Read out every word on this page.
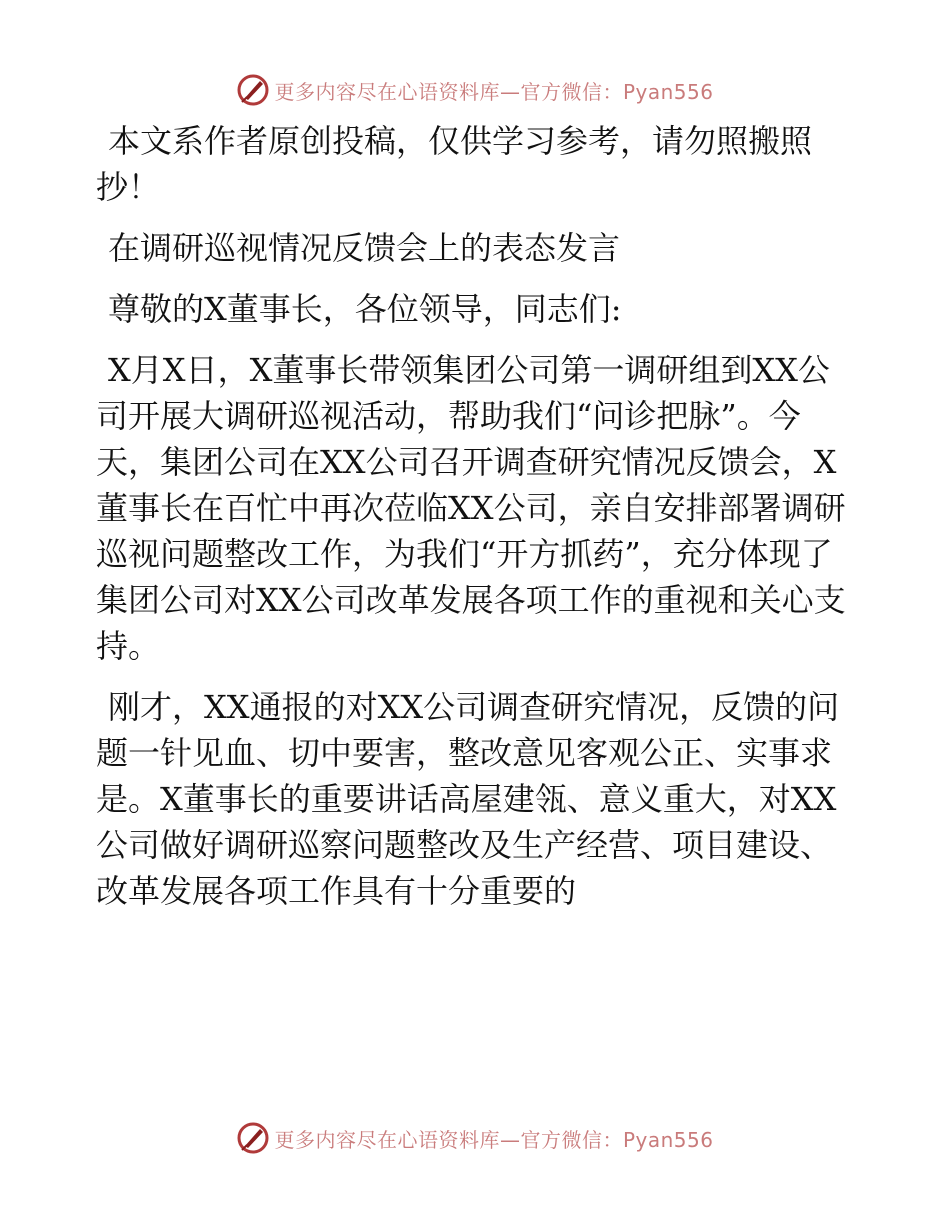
更多内容尽在心语资料库—官方微信：Pyan556

本文系作者原创投稿，仅供学习参考，请勿照搬照抄！

在调研巡视情况反馈会上的表态发言

尊敬的X董事长，各位领导，同志们:

X月X日，X董事长带领集团公司第一调研组到XX公司开展大调研巡视活动，帮助我们“问诊把脉”。今天，集团公司在XX公司召开调查研究情况反馈会，X董事长在百忙中再次莅临XX公司，亲自安排部署调研巡视问题整改工作，为我们“开方抓药”，充分体现了集团公司对XX公司改革发展各项工作的重视和关心支持。

刚才，XX通报的对XX公司调查研究情况，反馈的问题一针见血、切中要害，整改意见客观公正、实事求是。X董事长的重要讲话高屋建瓴、意义重大，对XX公司做好调研巡察问题整改及生产经营、项目建设、改革发展各项工作具有十分重要的

更多内容尽在心语资料库—官方微信：Pyan556
